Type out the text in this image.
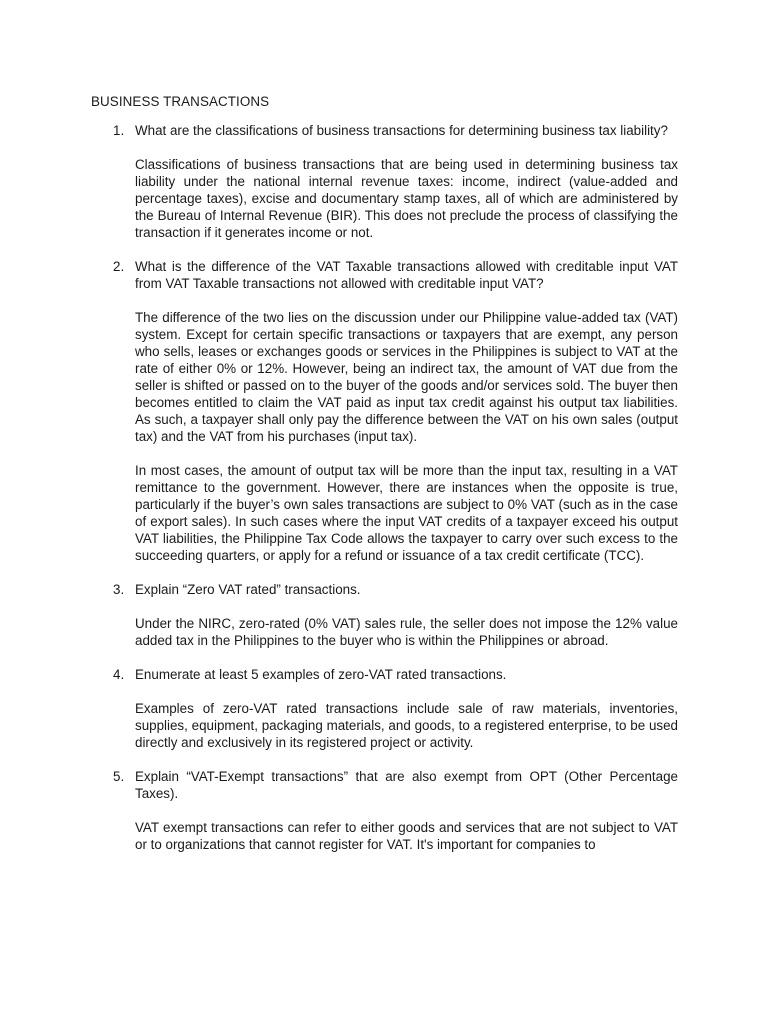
BUSINESS TRANSACTIONS
1. What are the classifications of business transactions for determining business tax liability?

Classifications of business transactions that are being used in determining business tax liability under the national internal revenue taxes: income, indirect (value-added and percentage taxes), excise and documentary stamp taxes, all of which are administered by the Bureau of Internal Revenue (BIR). This does not preclude the process of classifying the transaction if it generates income or not.

2. What is the difference of the VAT Taxable transactions allowed with creditable input VAT from VAT Taxable transactions not allowed with creditable input VAT?

The difference of the two lies on the discussion under our Philippine value-added tax (VAT) system. Except for certain specific transactions or taxpayers that are exempt, any person who sells, leases or exchanges goods or services in the Philippines is subject to VAT at the rate of either 0% or 12%. However, being an indirect tax, the amount of VAT due from the seller is shifted or passed on to the buyer of the goods and/or services sold. The buyer then becomes entitled to claim the VAT paid as input tax credit against his output tax liabilities. As such, a taxpayer shall only pay the difference between the VAT on his own sales (output tax) and the VAT from his purchases (input tax).

In most cases, the amount of output tax will be more than the input tax, resulting in a VAT remittance to the government. However, there are instances when the opposite is true, particularly if the buyer’s own sales transactions are subject to 0% VAT (such as in the case of export sales). In such cases where the input VAT credits of a taxpayer exceed his output VAT liabilities, the Philippine Tax Code allows the taxpayer to carry over such excess to the succeeding quarters, or apply for a refund or issuance of a tax credit certificate (TCC).

3. Explain “Zero VAT rated” transactions.

Under the NIRC, zero-rated (0% VAT) sales rule, the seller does not impose the 12% value added tax in the Philippines to the buyer who is within the Philippines or abroad.

4. Enumerate at least 5 examples of zero-VAT rated transactions.

Examples of zero-VAT rated transactions include sale of raw materials, inventories, supplies, equipment, packaging materials, and goods, to a registered enterprise, to be used directly and exclusively in its registered project or activity.

5. Explain “VAT-Exempt transactions” that are also exempt from OPT (Other Percentage Taxes).

VAT exempt transactions can refer to either goods and services that are not subject to VAT or to organizations that cannot register for VAT. It's important for companies to
